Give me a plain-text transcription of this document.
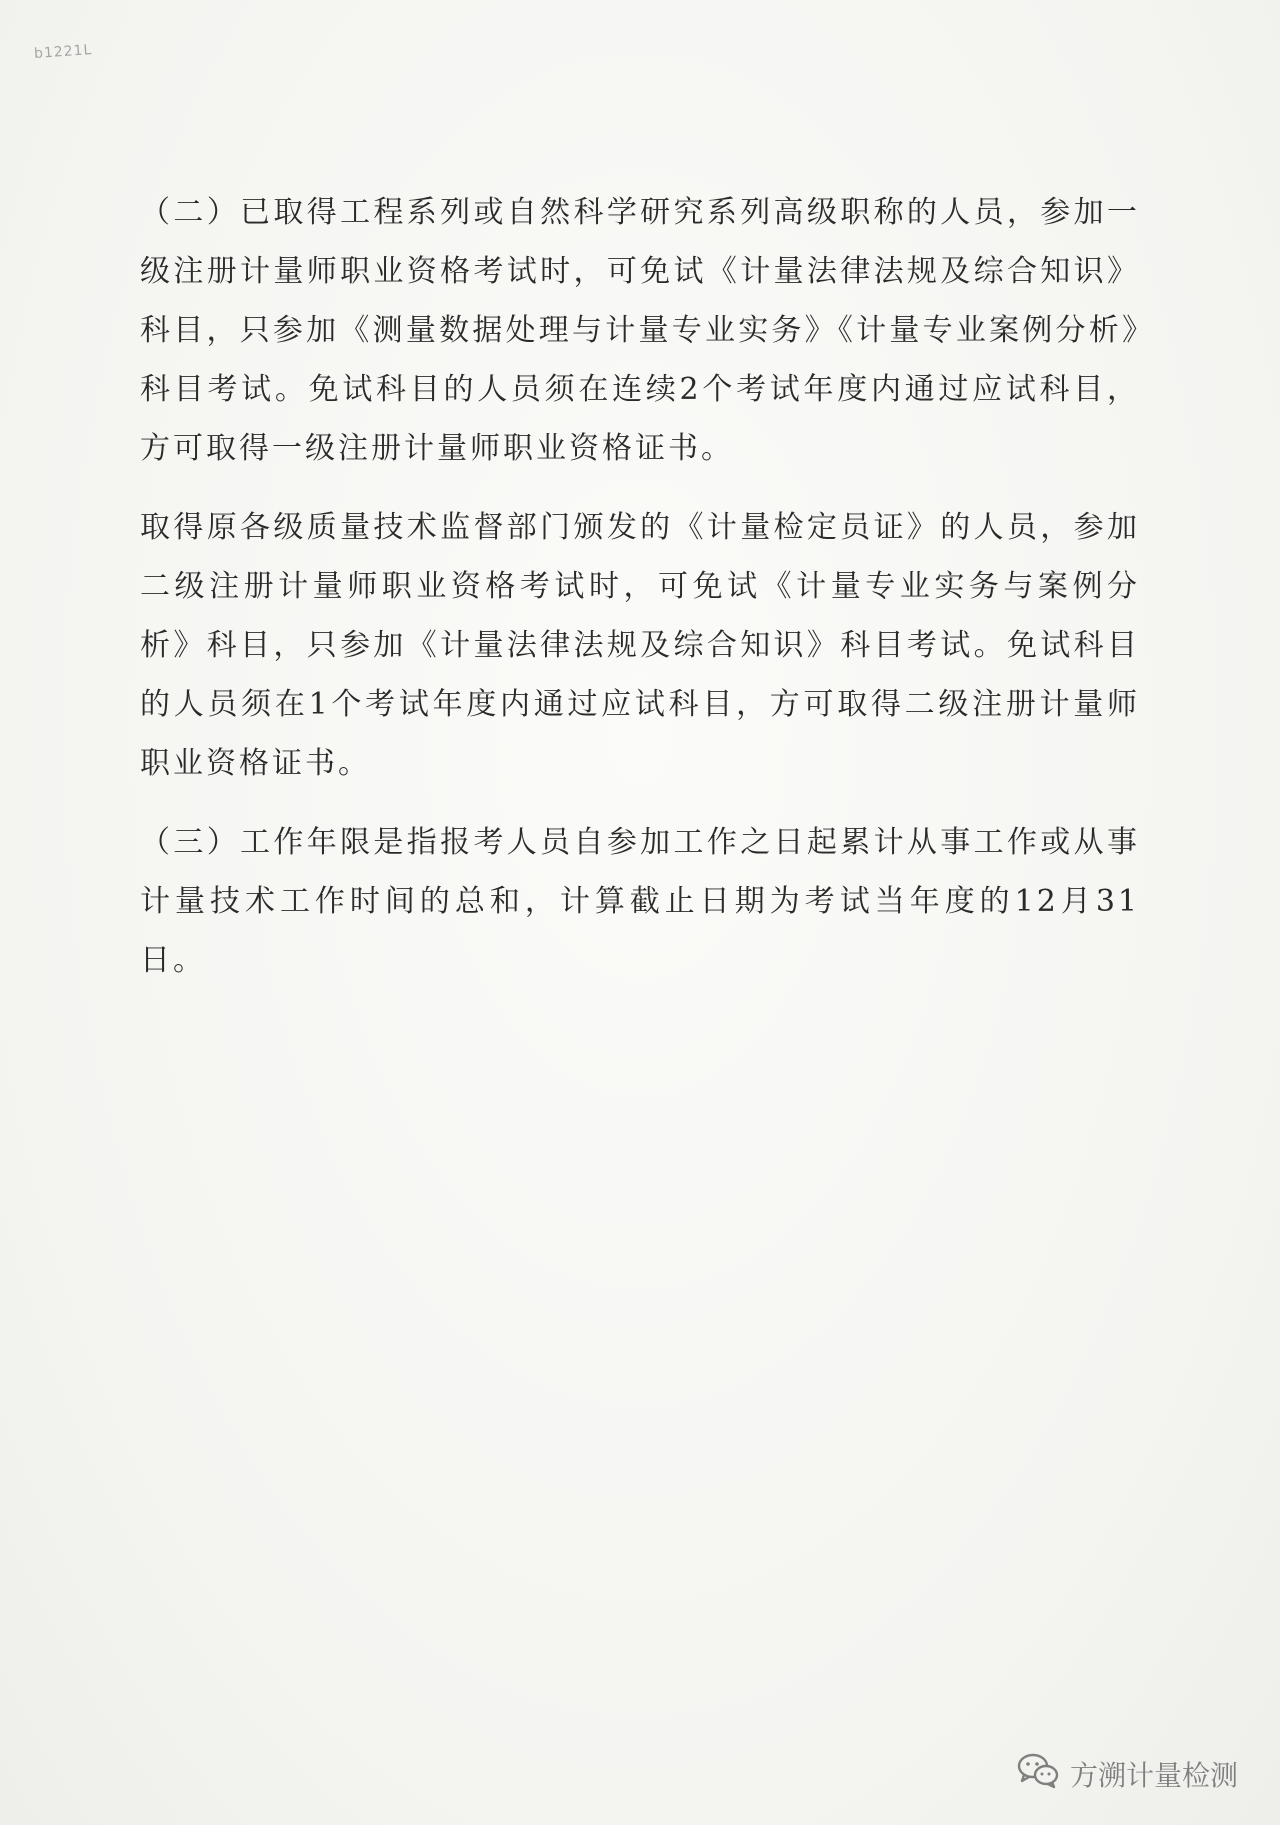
b1221L

（二）已取得工程系列或自然科学研究系列高级职称的人员，参加一级注册计量师职业资格考试时，可免试《计量法律法规及综合知识》科目，只参加《测量数据处理与计量专业实务》《计量专业案例分析》科目考试。免试科目的人员须在连续2个考试年度内通过应试科目，方可取得一级注册计量师职业资格证书。

取得原各级质量技术监督部门颁发的《计量检定员证》的人员，参加二级注册计量师职业资格考试时，可免试《计量专业实务与案例分析》科目，只参加《计量法律法规及综合知识》科目考试。免试科目的人员须在1个考试年度内通过应试科目，方可取得二级注册计量师职业资格证书。

（三）工作年限是指报考人员自参加工作之日起累计从事工作或从事计量技术工作时间的总和，计算截止日期为考试当年度的12月31日。

方溯计量检测
